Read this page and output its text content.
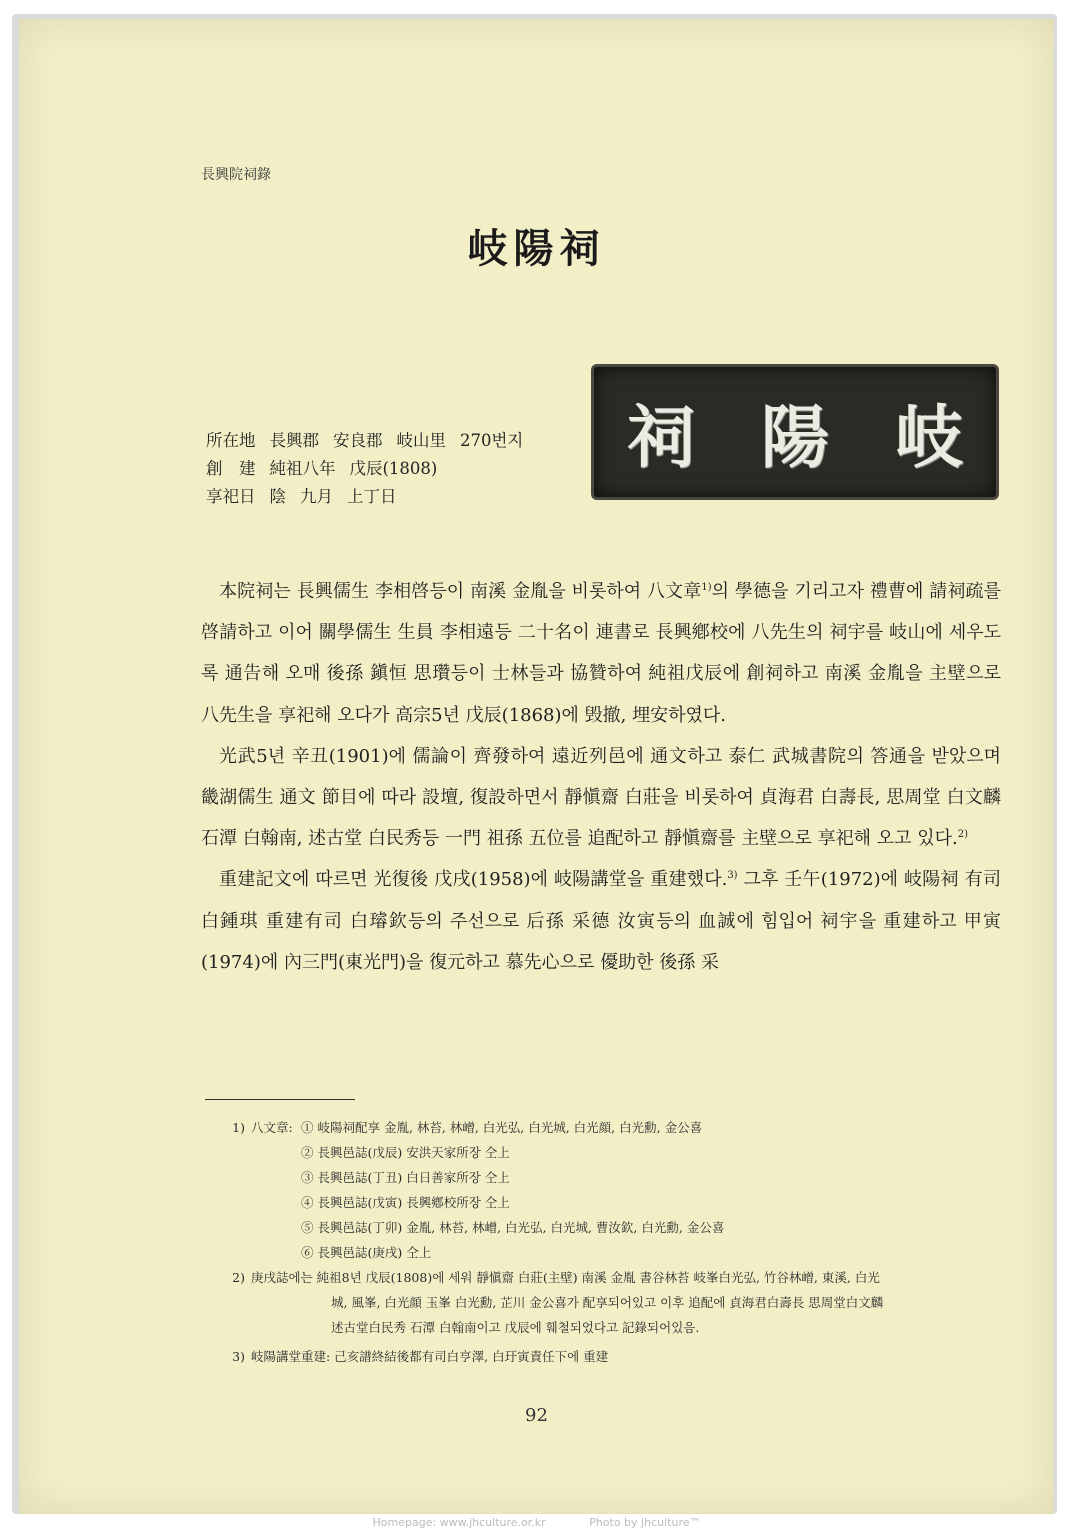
長興院祠錄
岐陽祠
祠 陽 岐
所在地 長興郡 安良郡 岐山里 270번지
創　建 純祖八年 戊辰(1808)
享祀日 陰 九月 上丁日

本院祠는 長興儒生 李相啓등이 南溪 金胤을 비롯하여 八文章$^{1)}$의 學德을 기리고자 禮曹에 請祠疏를 啓請하고 이어 關學儒生 生員 李相遠등 二十名이 連書로 長興鄕校에 八先生의 祠宇를 岐山에 세우도록 通告해 오매 後孫 鎭恒 思瓚등이 士林들과 協贊하여 純祖戊辰에 創祠하고 南溪 金胤을 主壁으로 八先生을 享祀해 오다가 高宗5년 戊辰(1868)에 毁撤, 埋安하였다.

光武5년 辛丑(1901)에 儒論이 齊發하여 遠近列邑에 通文하고 泰仁 武城書院의 答通을 받았으며 畿湖儒生 通文 節目에 따라 設壇, 復設하면서 靜愼齋 白莊을 비롯하여 貞海君 白壽長, 思周堂 白文麟 石潭 白翰南, 述古堂 白民秀등 一門 祖孫 五位를 追配하고 靜愼齋를 主壁으로 享祀해 오고 있다.$^{2)}$

重建記文에 따르면 光復後 戊戌(1958)에 岐陽講堂을 重建했다.$^{3)}$ 그후 壬午(1972)에 岐陽祠 有司 白鍾琪 重建有司 白璿欽등의 주선으로 后孫 采德 汝寅등의 血誠에 힘입어 祠宇을 重建하고 甲寅(1974)에 內三門(東光門)을 復元하고 慕先心으로 優助한 後孫 采

1) 八文章: ① 岐陽祠配享 金胤, 林苔, 林嶒, 白光弘, 白光城, 白光顔, 白光勳, 金公喜
② 長興邑誌(戊辰) 安洪天家所장 仝上
③ 長興邑誌(丁丑) 白日善家所장 仝上
④ 長興邑誌(戊寅) 長興鄕校所장 仝上
⑤ 長興邑誌(丁卯) 金胤, 林苔, 林嶒, 白光弘, 白光城, 曹汝欽, 白光勳, 金公喜
⑥ 長興邑誌(庚戌) 仝上
2) 庚戌誌에는 純祖8년 戊辰(1808)에 세워 靜愼齋 白莊(主壁) 南溪 金胤 書谷林苔 岐峯白光弘, 竹谷林嶒, 東溪, 白光
城, 風峯, 白光顔 玉峯 白光勳, 芷川 金公喜가 配享되어있고 이후 追配에 貞海君白壽長 思周堂白文麟
述古堂白民秀 石潭 白翰南이고 戊辰에 훼철되었다고 記錄되어있음.
3) 岐陽講堂重建: 己亥譜終結後都有司白亨澤, 白玗寅責任下에 重建
92
Homepage: www.jhculture.or.kr	Photo by jhculture™
